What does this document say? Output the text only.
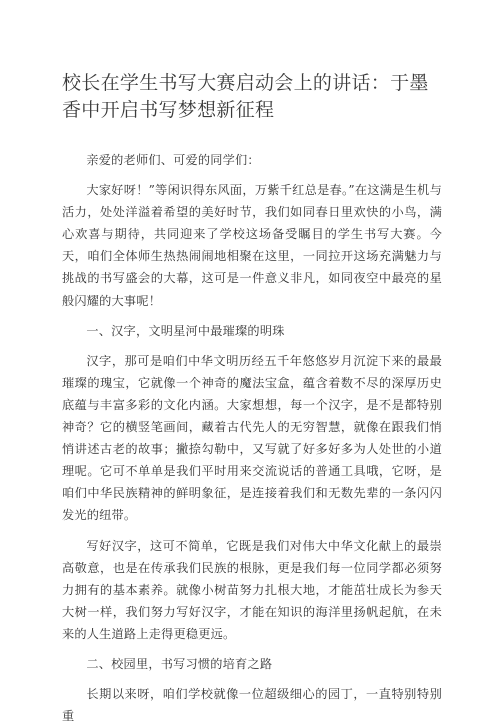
校长在学生书写大赛启动会上的讲话：于墨香中开启书写梦想新征程

亲爱的老师们、可爱的同学们：

大家好呀！”等闲识得东风面，万紫千红总是春。”在这满是生机与活力，处处洋溢着希望的美好时节，我们如同春日里欢快的小鸟，满心欢喜与期待，共同迎来了学校这场备受瞩目的学生书写大赛。今天，咱们全体师生热热闹闹地相聚在这里，一同拉开这场充满魅力与挑战的书写盛会的大幕，这可是一件意义非凡，如同夜空中最亮的星般闪耀的大事呢！

一、汉字，文明星河中最璀璨的明珠

汉字，那可是咱们中华文明历经五千年悠悠岁月沉淀下来的最最璀璨的瑰宝，它就像一个神奇的魔法宝盒，蕴含着数不尽的深厚历史底蕴与丰富多彩的文化内涵。大家想想，每一个汉字，是不是都特别神奇？它的横竖笔画间，藏着古代先人的无穷智慧，就像在跟我们悄悄讲述古老的故事；撇捺勾勒中，又写就了好多好多为人处世的小道理呢。它可不单单是我们平时用来交流说话的普通工具哦，它呀，是咱们中华民族精神的鲜明象征，是连接着我们和无数先辈的一条闪闪发光的纽带。

写好汉字，这可不简单，它既是我们对伟大中华文化献上的最崇高敬意，也是在传承我们民族的根脉，更是我们每一位同学都必须努力拥有的基本素养。就像小树苗努力扎根大地，才能茁壮成长为参天大树一样，我们努力写好汉字，才能在知识的海洋里扬帆起航，在未来的人生道路上走得更稳更远。

二、校园里，书写习惯的培育之路

长期以来呀，咱们学校就像一位超级细心的园丁，一直特别特别重
